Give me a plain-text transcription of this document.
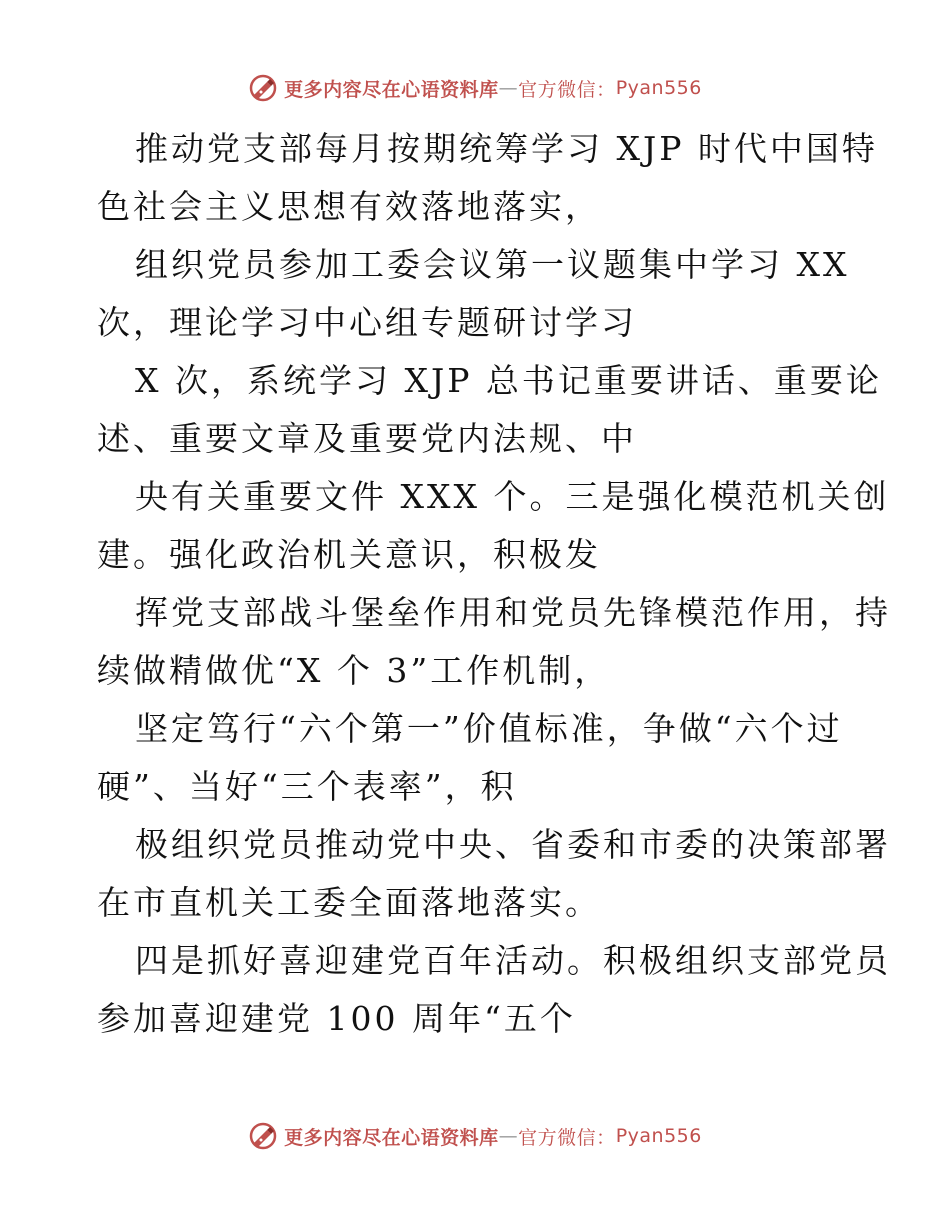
更多内容尽在心语资料库 — 官方微信： Pyan556
推动党支部每月按期统筹学习 XJP 时代中国特
色社会主义思想有效落地落实，
组织党员参加工委会议第一议题集中学习 XX
次，理论学习中心组专题研讨学习
X 次，系统学习 XJP 总书记重要讲话、重要论
述、重要文章及重要党内法规、中
央有关重要文件 XXX 个。三是强化模范机关创
建。强化政治机关意识，积极发
挥党支部战斗堡垒作用和党员先锋模范作用，持
续做精做优“X 个 3”工作机制，
坚定笃行“六个第一”价值标准，争做“六个过
硬”、当好“三个表率”，积
极组织党员推动党中央、省委和市委的决策部署
在市直机关工委全面落地落实。
四是抓好喜迎建党百年活动。积极组织支部党员
参加喜迎建党 100 周年“五个
更多内容尽在心语资料库 — 官方微信： Pyan556
